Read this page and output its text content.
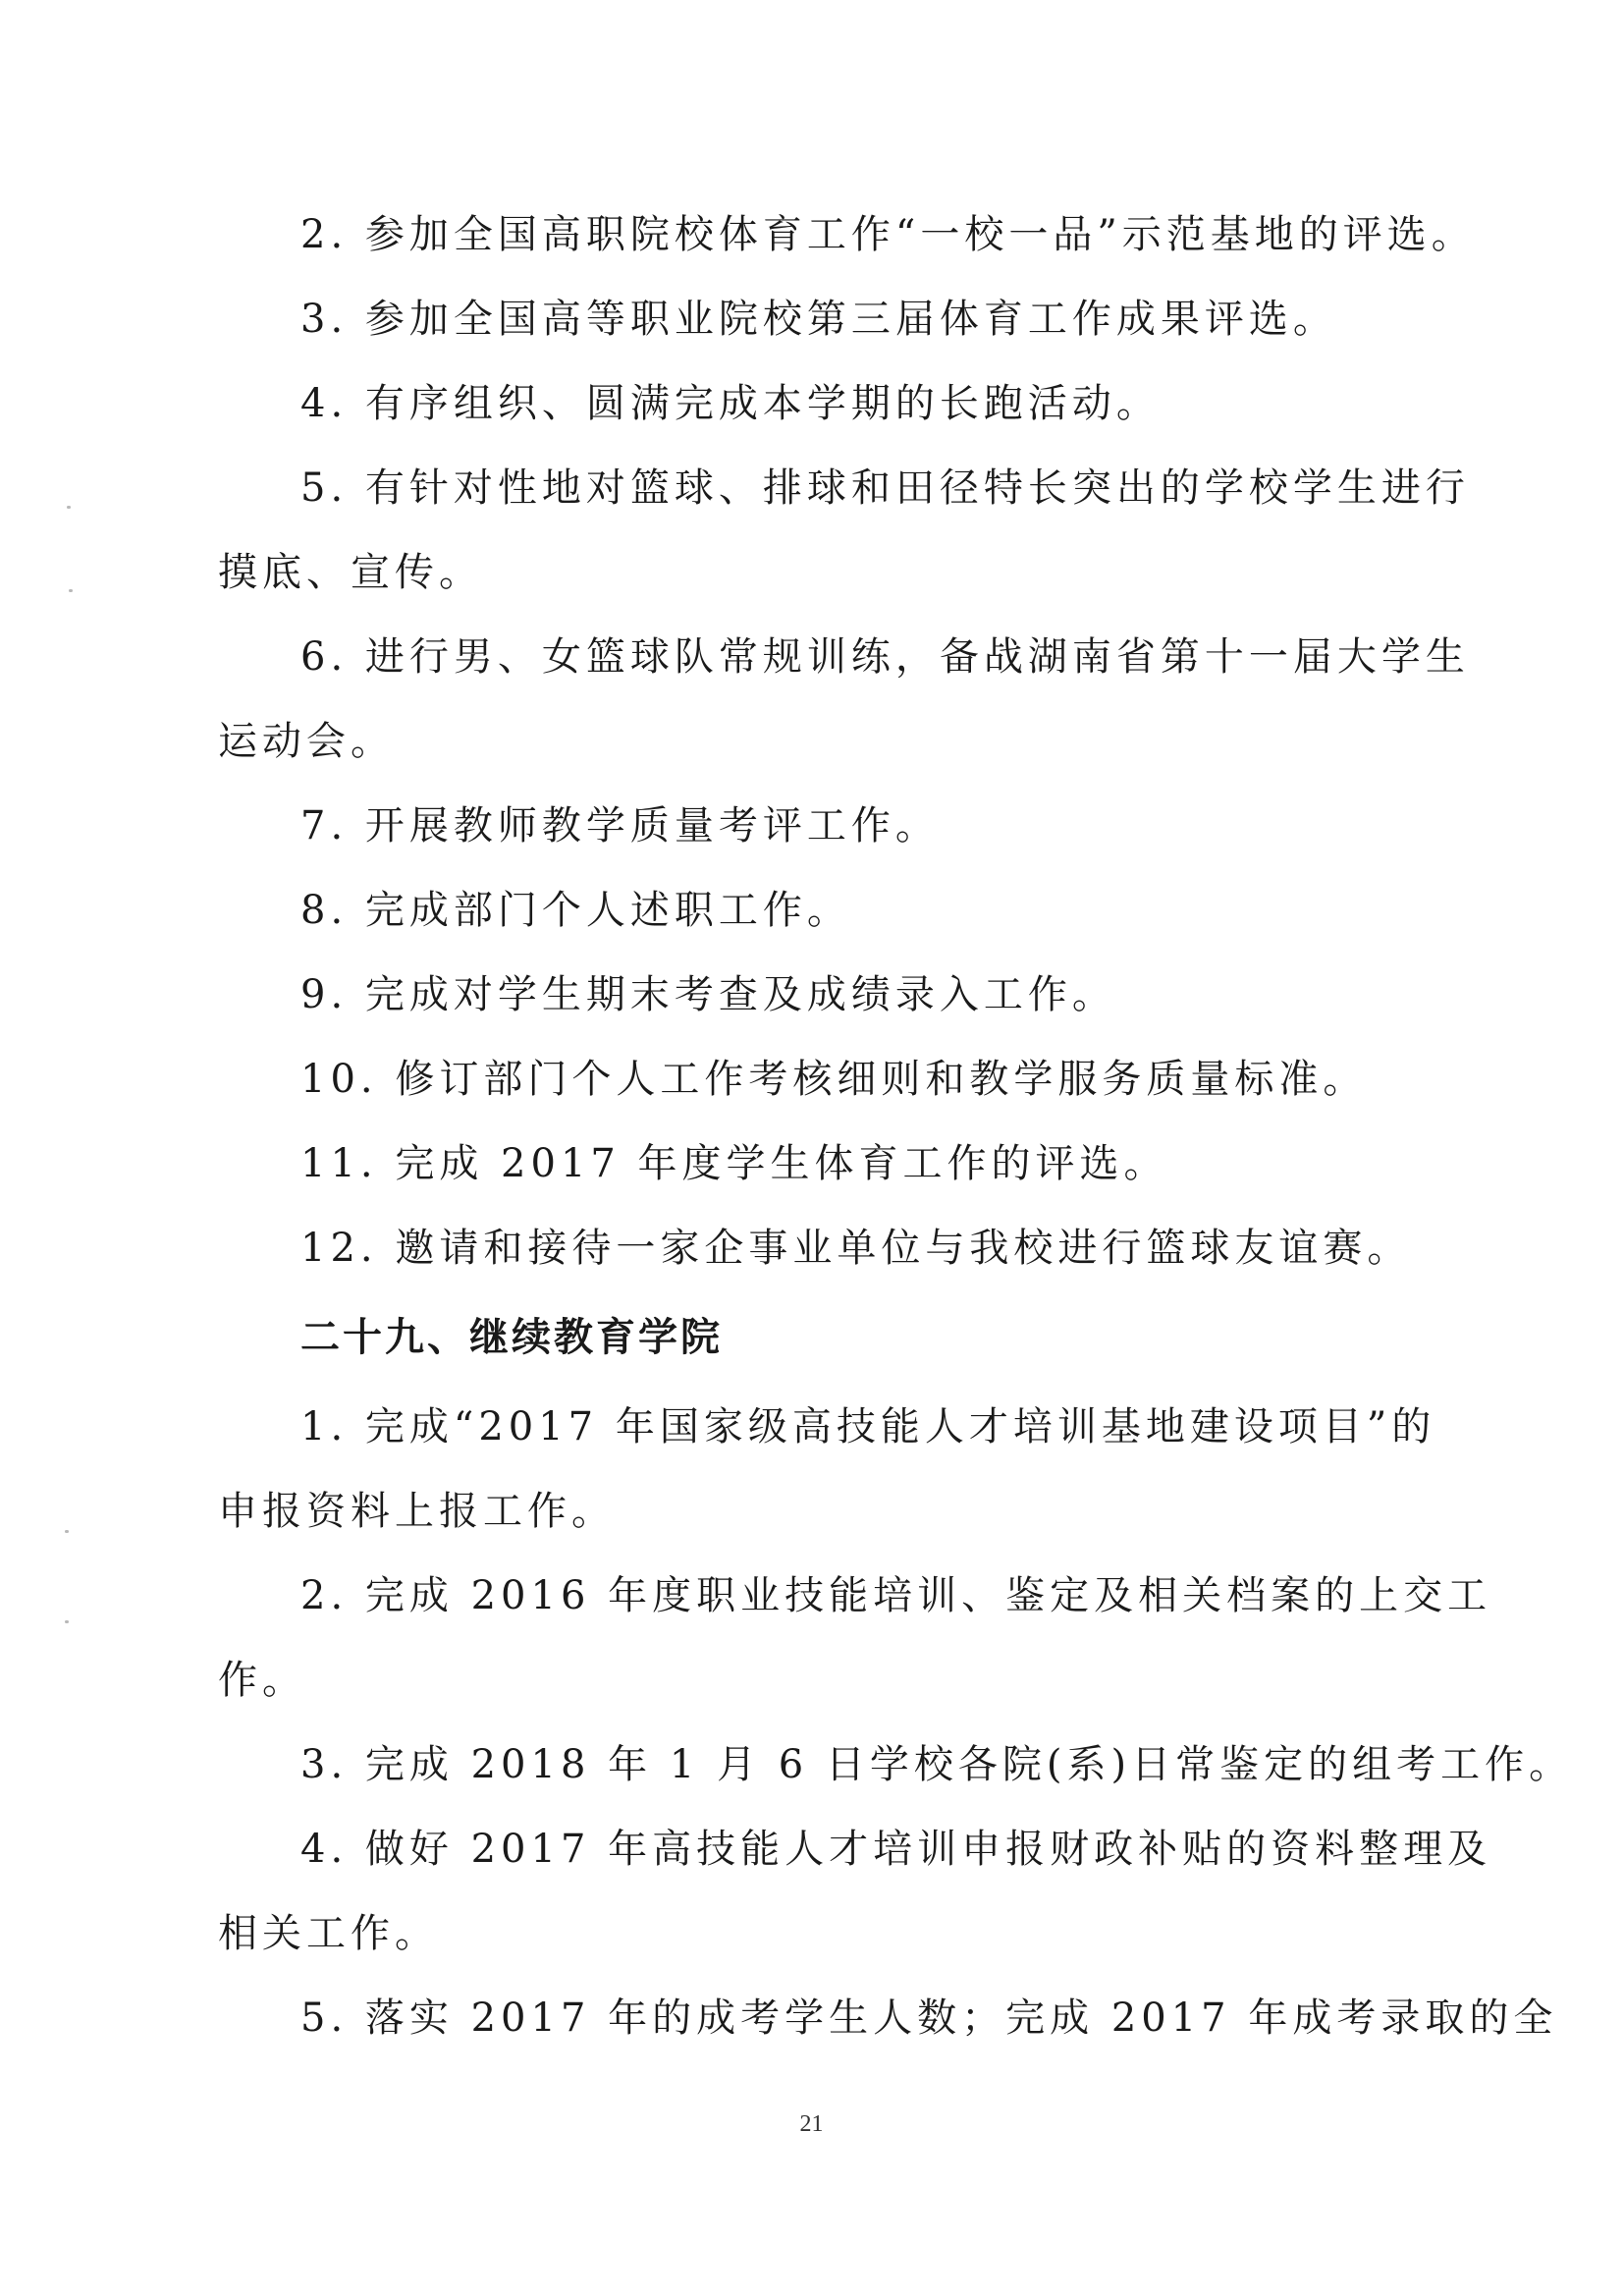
2. 参加全国高职院校体育工作“一校一品”示范基地的评选。
3. 参加全国高等职业院校第三届体育工作成果评选。
4. 有序组织、圆满完成本学期的长跑活动。
5. 有针对性地对篮球、排球和田径特长突出的学校学生进行
摸底、宣传。
6. 进行男、女篮球队常规训练，备战湖南省第十一届大学生
运动会。
7. 开展教师教学质量考评工作。
8. 完成部门个人述职工作。
9. 完成对学生期末考查及成绩录入工作。
10. 修订部门个人工作考核细则和教学服务质量标准。
11. 完成 2017 年度学生体育工作的评选。
12. 邀请和接待一家企事业单位与我校进行篮球友谊赛。
二十九、继续教育学院
1. 完成“2017 年国家级高技能人才培训基地建设项目”的
申报资料上报工作。
2. 完成 2016 年度职业技能培训、鉴定及相关档案的上交工
作。
3. 完成 2018 年 1 月 6 日学校各院(系)日常鉴定的组考工作。
4. 做好 2017 年高技能人才培训申报财政补贴的资料整理及
相关工作。
5. 落实 2017 年的成考学生人数；完成 2017 年成考录取的全
21
